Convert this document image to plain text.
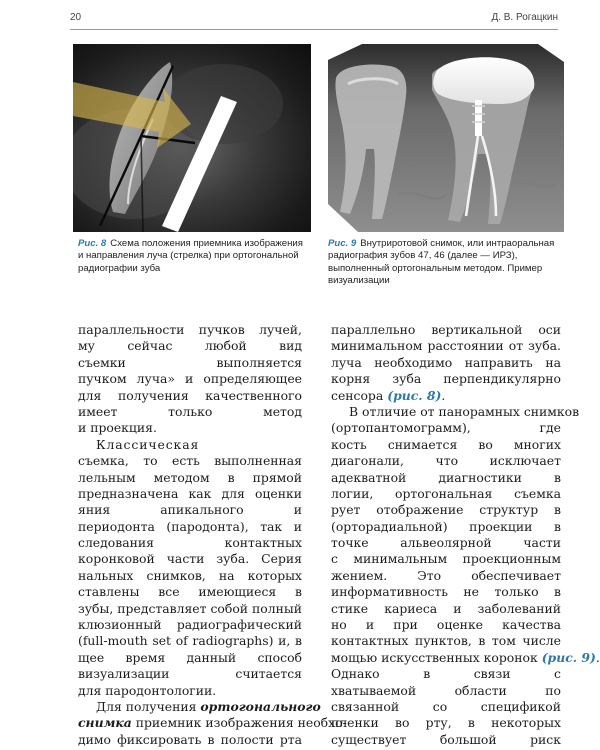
20	Д. В. Рогацкин
Рис. 8 Схема положения приемника изображения и направления луча (стрелка) при ортогональной радиографии зуба
Рис. 9 Внутриротовой снимок, или интраоральная радиография зубов 47, 46 (далее — ИРЗ), выполненный ортогональным методом. Пример визуализации
параллельности пучков лучей,
му сейчас любой вид
съемки выполняется
пучком луча» и определяющее
для получения качественного
имеет только метод
и проекция.
Классическая
съемка, то есть выполненная
лельным методом в прямой
предназначена как для оценки
яния апикального и
периодонта (пародонта), так и
следования контактных
коронковой части зуба. Серия
нальных снимков, на которых
ставлены все имеющиеся в
зубы, представляет собой полный
клюзионный радиографический
(full-mouth set of radiographs) и, в
щее время данный способ
визуализации считается
для пародонтологии.
Для получения ортогонального
снимка приемник изображения необхо-
димо фиксировать в полости рта
параллельно вертикальной оси
минимальном расстоянии от зуба.
луча необходимо направить на
корня зуба перпендикулярно
сенсора (рис. 8).
В отличие от панорамных снимков
(ортопантомограмм), где
кость снимается во многих
диагонали, что исключает
адекватной диагностики в
логии, ортогональная съемка
рует отображение структур в
(орторадиальной) проекции в
точке альвеолярной части
с минимальным проекционным
жением. Это обеспечивает
информативность не только в
стике кариеса и заболеваний
но и при оценке качества
контактных пунктов, в том числе
мощью искусственных коронок (рис. 9).
Однако в связи с
хватываемой области по
связанной со спецификой
пленки во рту, в некоторых
существует большой риск
